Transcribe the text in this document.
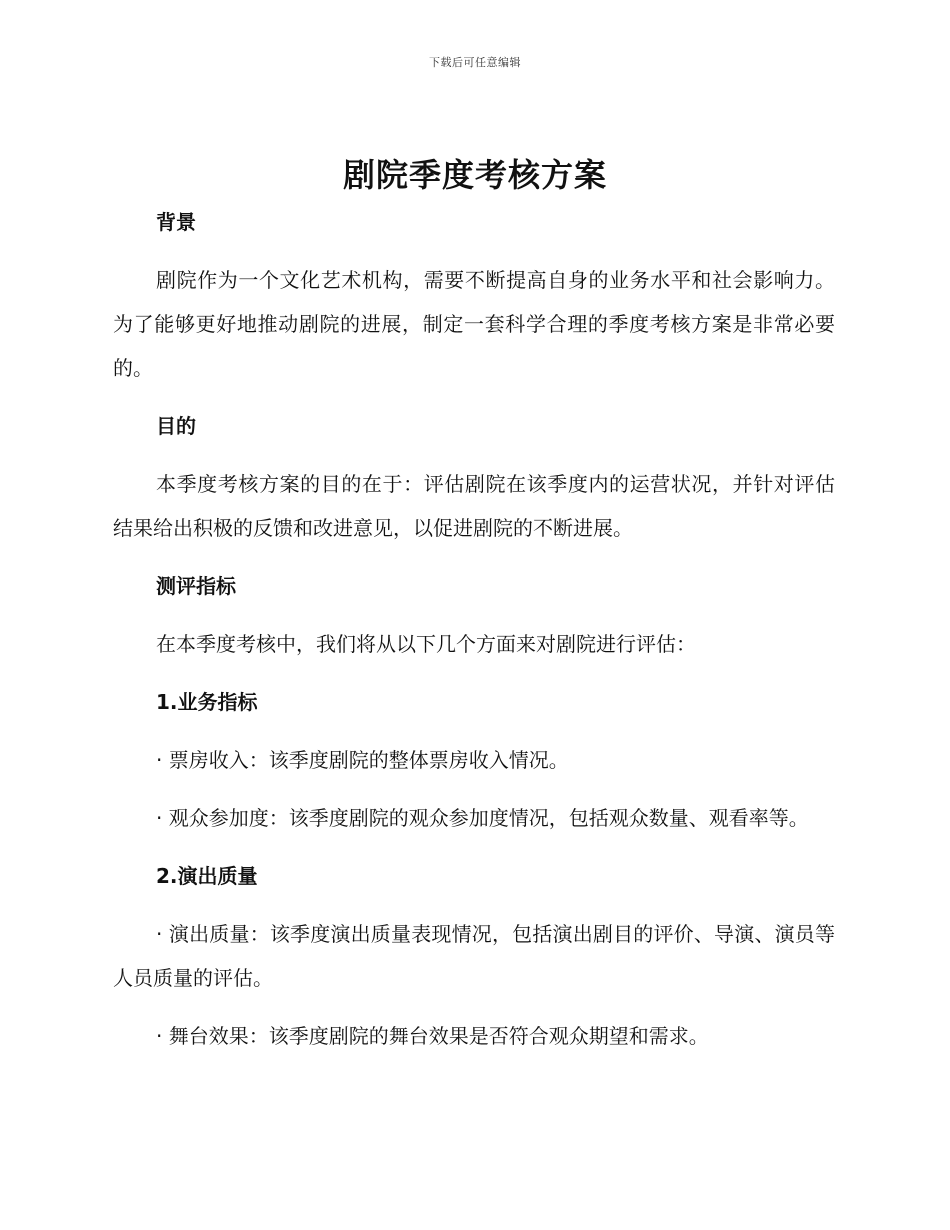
下载后可任意编辑
剧院季度考核方案
背景

剧院作为一个文化艺术机构，需要不断提高自身的业务水平和社会影响力。为了能够更好地推动剧院的进展，制定一套科学合理的季度考核方案是非常必要的。

目的

本季度考核方案的目的在于：评估剧院在该季度内的运营状况，并针对评估结果给出积极的反馈和改进意见，以促进剧院的不断进展。

测评指标

在本季度考核中，我们将从以下几个方面来对剧院进行评估：

1.业务指标

· 票房收入：该季度剧院的整体票房收入情况。

· 观众参加度：该季度剧院的观众参加度情况，包括观众数量、观看率等。

2.演出质量

· 演出质量：该季度演出质量表现情况，包括演出剧目的评价、导演、演员等人员质量的评估。

· 舞台效果：该季度剧院的舞台效果是否符合观众期望和需求。
